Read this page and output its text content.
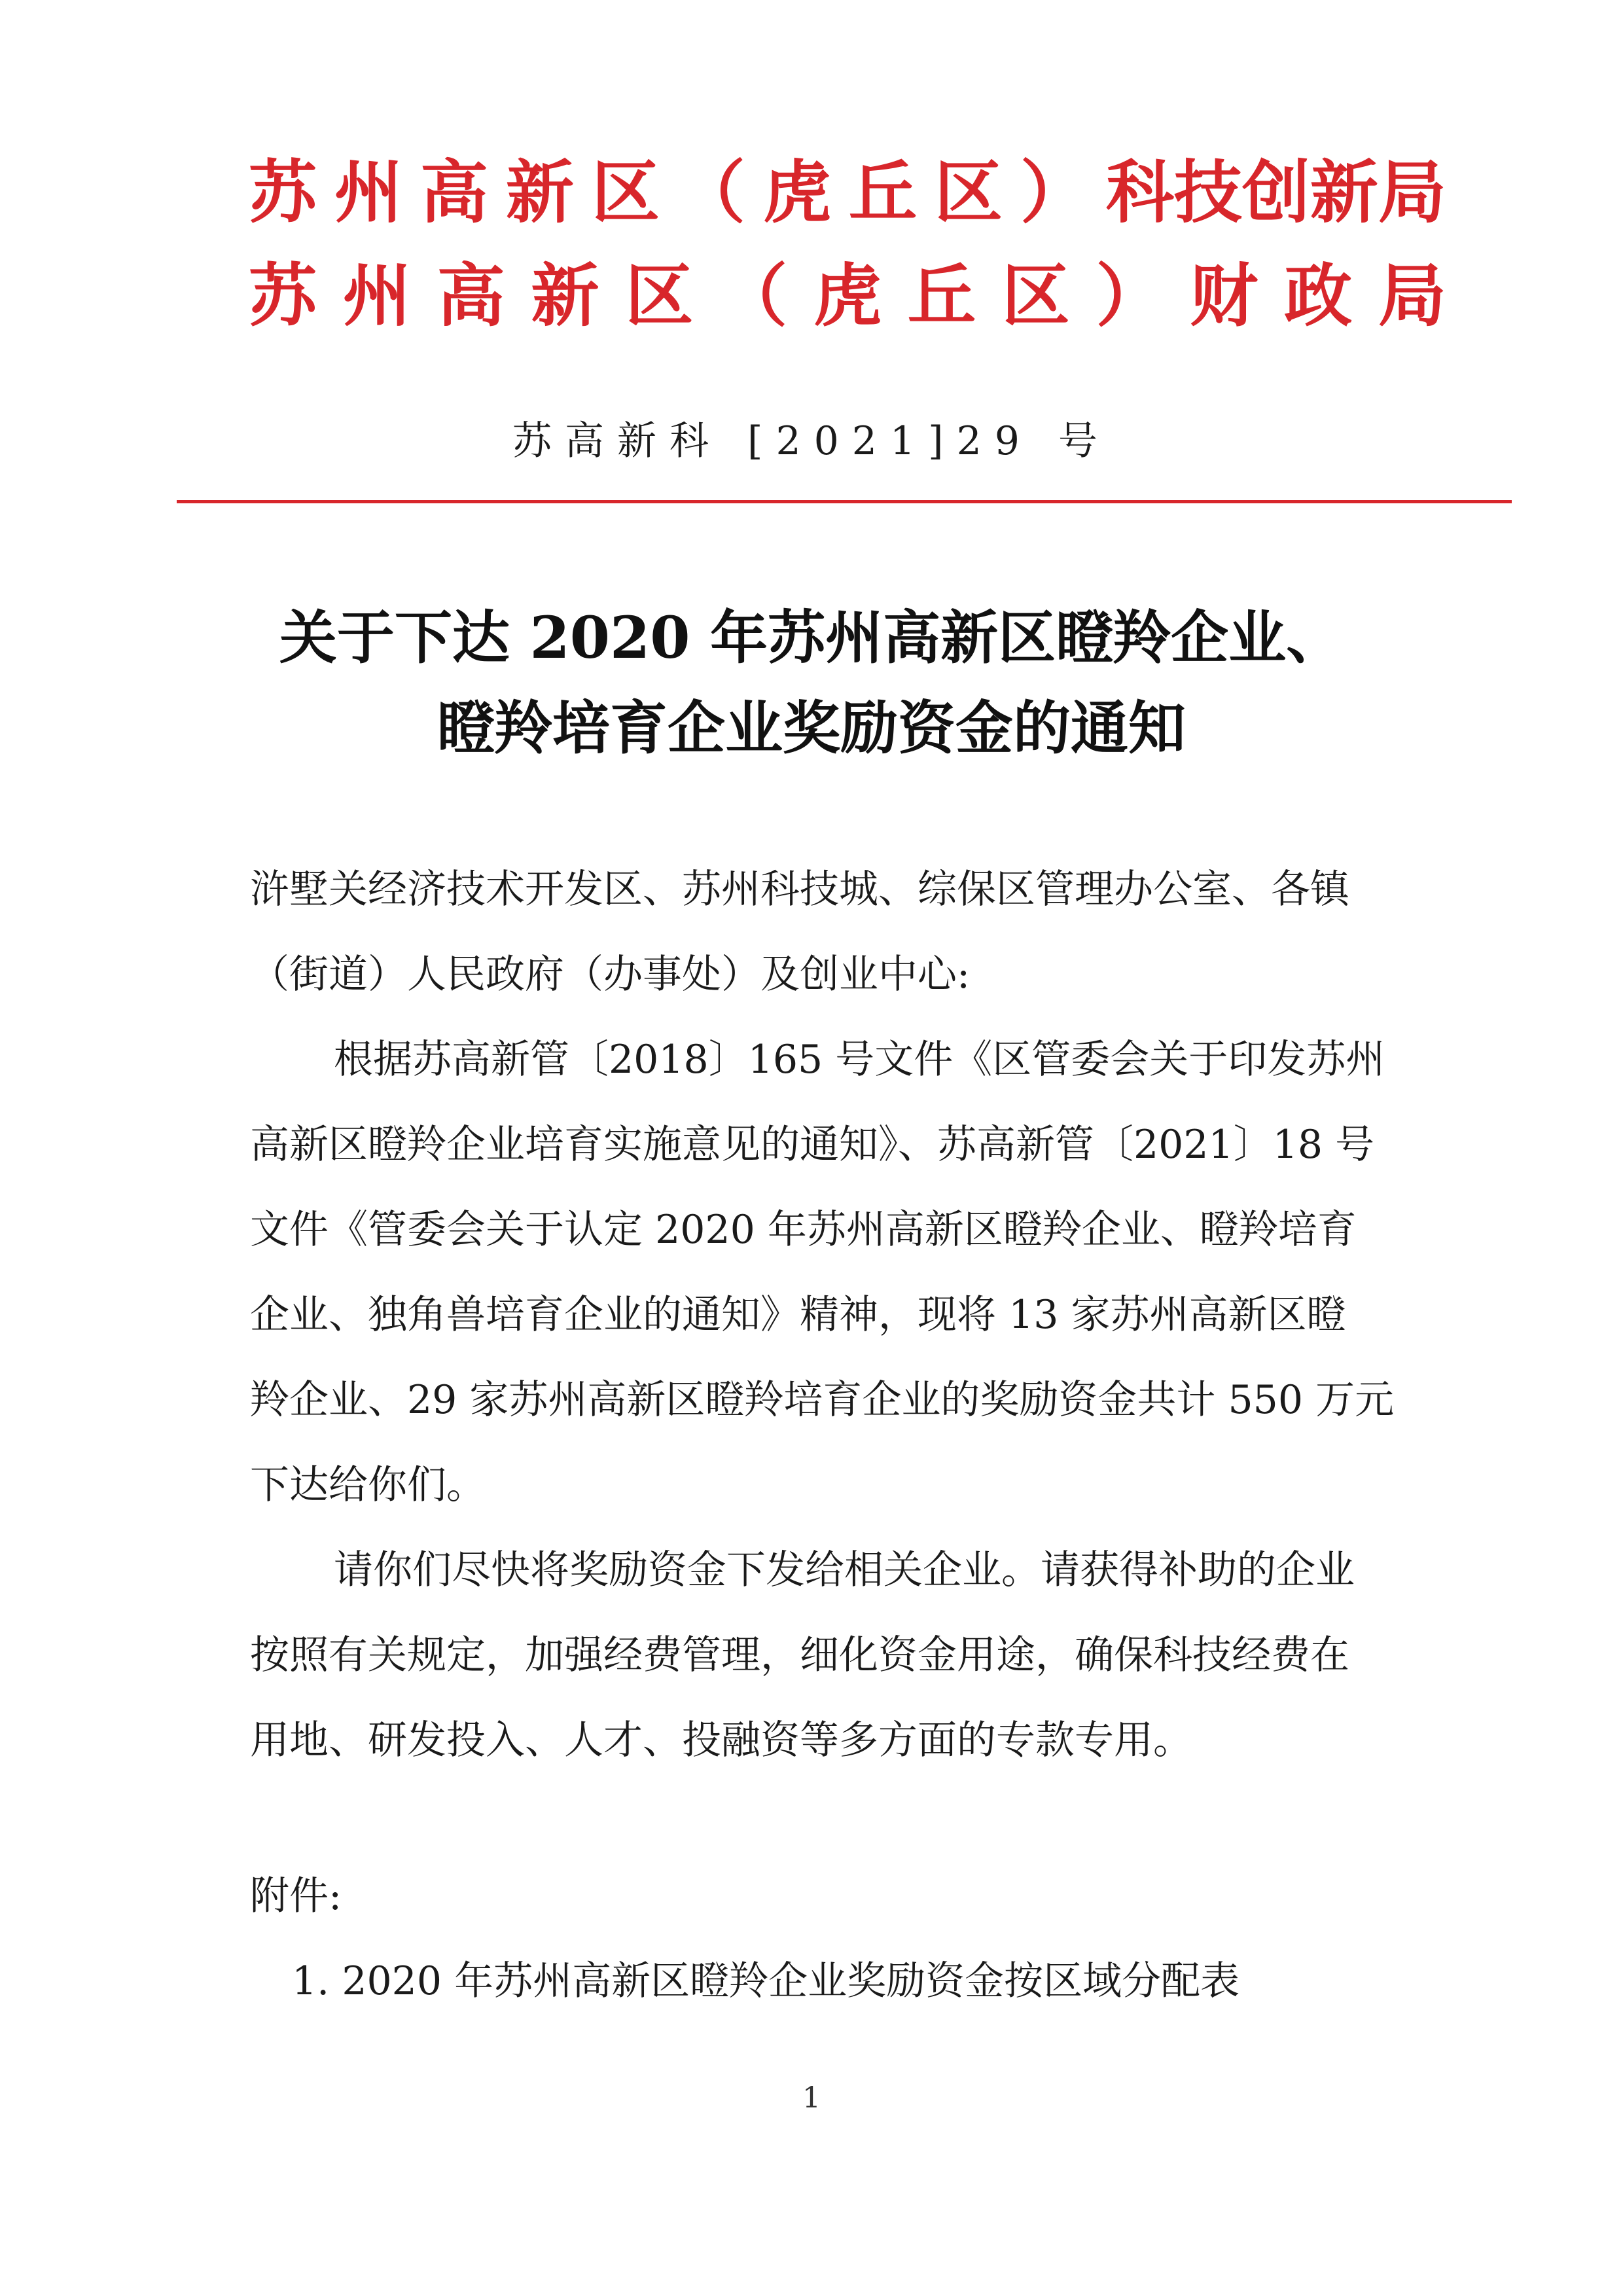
苏 州 高 新 区 （ 虎 丘 区 ） 科技创新局
苏 州 高 新 区 （ 虎 丘 区 ） 财 政 局
苏高新科 [2021]29 号
关于下达 2020 年苏州高新区瞪羚企业、
瞪羚培育企业奖励资金的通知
浒墅关经济技术开发区、苏州科技城、综保区管理办公室、各镇
（街道）人民政府（办事处）及创业中心:
根据苏高新管〔2018〕165 号文件《区管委会关于印发苏州
高新区瞪羚企业培育实施意见的通知》、苏高新管〔2021〕18 号
文件《管委会关于认定 2020 年苏州高新区瞪羚企业、瞪羚培育
企业、独角兽培育企业的通知》精神，现将 13 家苏州高新区瞪
羚企业、29 家苏州高新区瞪羚培育企业的奖励资金共计 550 万元
下达给你们。
请你们尽快将奖励资金下发给相关企业。请获得补助的企业
按照有关规定，加强经费管理，细化资金用途，确保科技经费在
用地、研发投入、人才、投融资等多方面的专款专用。
附件:
1. 2020 年苏州高新区瞪羚企业奖励资金按区域分配表
1
